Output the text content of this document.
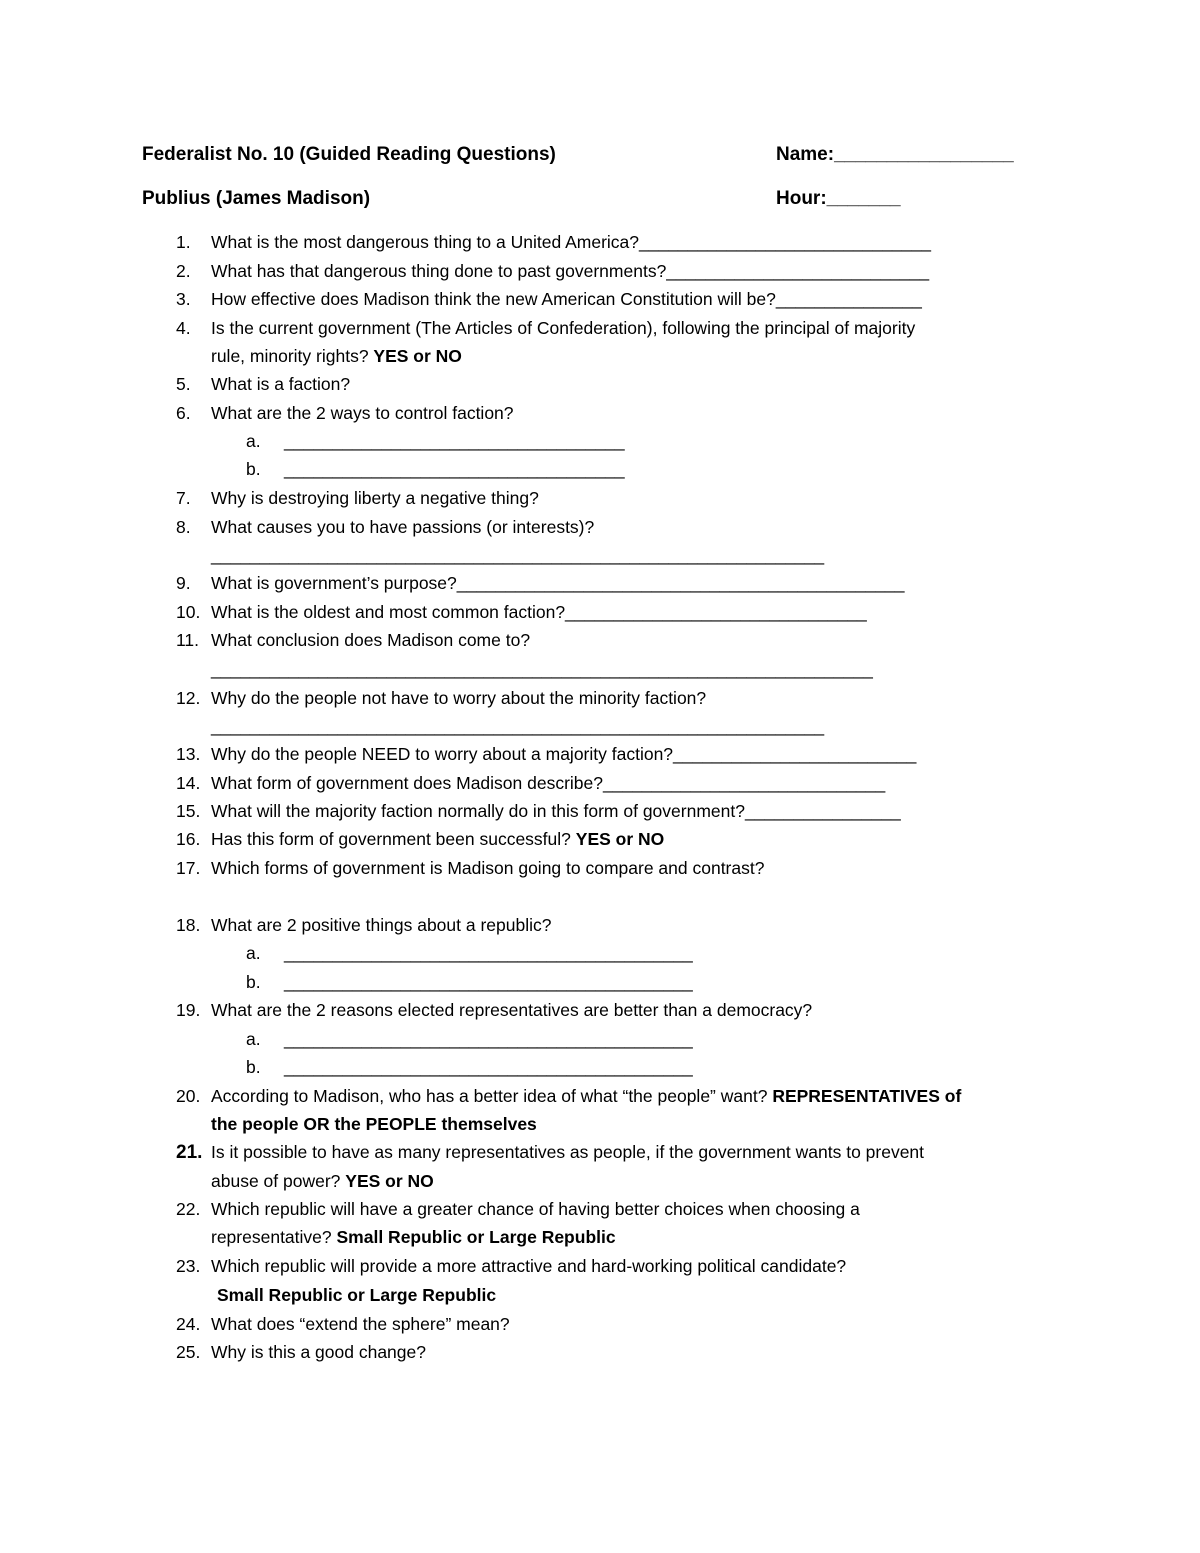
Federalist No. 10 (Guided Reading Questions)	Name:_________________
Publius (James Madison)	Hour:_______
1. What is the most dangerous thing to a United America?______________________________
2. What has that dangerous thing done to past governments?___________________________
3. How effective does Madison think the new American Constitution will be?_______________
4. Is the current government (The Articles of Confederation), following the principal of majority
rule, minority rights? YES or NO
5. What is a faction?
6. What are the 2 ways to control faction?
a. ___________________________________
b. ___________________________________
7. Why is destroying liberty a negative thing?
8. What causes you to have passions (or interests)?
_______________________________________________________________
9. What is government’s purpose?______________________________________________
10. What is the oldest and most common faction?_______________________________
11. What conclusion does Madison come to?
____________________________________________________________________
12. Why do the people not have to worry about the minority faction?
_______________________________________________________________
13. Why do the people NEED to worry about a majority faction?_________________________
14. What form of government does Madison describe?_____________________________
15. What will the majority faction normally do in this form of government?________________
16. Has this form of government been successful? YES or NO
17. Which forms of government is Madison going to compare and contrast?
18. What are 2 positive things about a republic?
a. __________________________________________
b. __________________________________________
19. What are the 2 reasons elected representatives are better than a democracy?
a. __________________________________________
b. __________________________________________
20. According to Madison, who has a better idea of what “the people” want? REPRESENTATIVES of
the people OR the PEOPLE themselves
21. Is it possible to have as many representatives as people, if the government wants to prevent
abuse of power? YES or NO
22. Which republic will have a greater chance of having better choices when choosing a
representative? Small Republic or Large Republic
23. Which republic will provide a more attractive and hard-working political candidate?
Small Republic or Large Republic
24. What does “extend the sphere” mean?
25. Why is this a good change?
